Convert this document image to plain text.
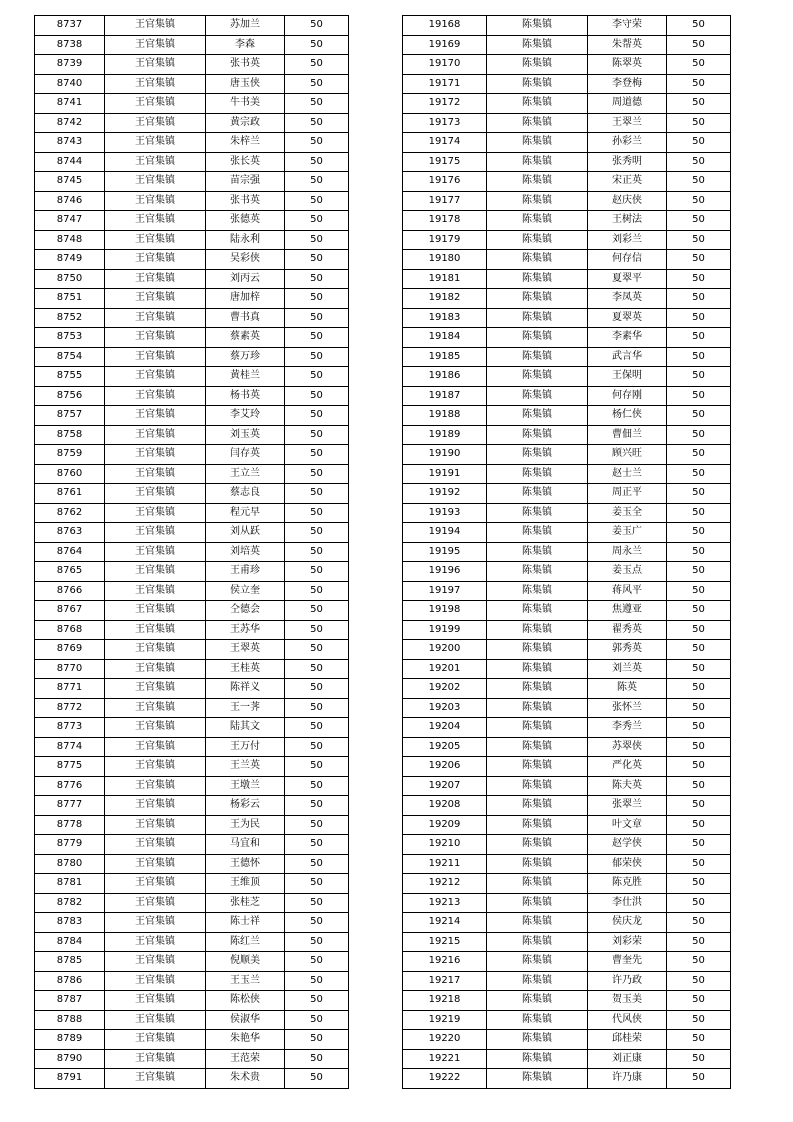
8737	王官集镇	苏加兰	50
8738	王官集镇	李森	50
8739	王官集镇	张书英	50
8740	王官集镇	唐玉侠	50
8741	王官集镇	牛书美	50
8742	王官集镇	黄宗政	50
8743	王官集镇	朱梓兰	50
8744	王官集镇	张长英	50
8745	王官集镇	苗宗强	50
8746	王官集镇	张书英	50
8747	王官集镇	张德英	50
8748	王官集镇	陆永利	50
8749	王官集镇	吴彩侠	50
8750	王官集镇	刘丙云	50
8751	王官集镇	唐加梓	50
8752	王官集镇	曹书真	50
8753	王官集镇	蔡素英	50
8754	王官集镇	蔡万珍	50
8755	王官集镇	黄桂兰	50
8756	王官集镇	杨书英	50
8757	王官集镇	李艾玲	50
8758	王官集镇	刘玉英	50
8759	王官集镇	闫存英	50
8760	王官集镇	王立兰	50
8761	王官集镇	蔡志良	50
8762	王官集镇	程元早	50
8763	王官集镇	刘从跃	50
8764	王官集镇	刘培英	50
8765	王官集镇	王甫珍	50
8766	王官集镇	侯立奎	50
8767	王官集镇	仝德会	50
8768	王官集镇	王苏华	50
8769	王官集镇	王翠英	50
8770	王官集镇	王桂英	50
8771	王官集镇	陈祥义	50
8772	王官集镇	王一荠	50
8773	王官集镇	陆其文	50
8774	王官集镇	王万付	50
8775	王官集镇	王兰英	50
8776	王官集镇	王墩兰	50
8777	王官集镇	杨彩云	50
8778	王官集镇	王为民	50
8779	王官集镇	马宜和	50
8780	王官集镇	王德怀	50
8781	王官集镇	王维顶	50
8782	王官集镇	张桂芝	50
8783	王官集镇	陈士祥	50
8784	王官集镇	陈红兰	50
8785	王官集镇	倪顺美	50
8786	王官集镇	王玉兰	50
8787	王官集镇	陈松侠	50
8788	王官集镇	侯淑华	50
8789	王官集镇	朱艳华	50
8790	王官集镇	王范荣	50
8791	王官集镇	朱术贵	50
19168	陈集镇	李守荣	50
19169	陈集镇	朱帮英	50
19170	陈集镇	陈翠英	50
19171	陈集镇	李登梅	50
19172	陈集镇	周道德	50
19173	陈集镇	王翠兰	50
19174	陈集镇	孙彩兰	50
19175	陈集镇	张秀明	50
19176	陈集镇	宋正英	50
19177	陈集镇	赵庆侠	50
19178	陈集镇	王树法	50
19179	陈集镇	刘彩兰	50
19180	陈集镇	何存信	50
19181	陈集镇	夏翠平	50
19182	陈集镇	李凤英	50
19183	陈集镇	夏翠英	50
19184	陈集镇	李素华	50
19185	陈集镇	武言华	50
19186	陈集镇	王保明	50
19187	陈集镇	何存刚	50
19188	陈集镇	杨仁侠	50
19189	陈集镇	曹佃兰	50
19190	陈集镇	顾兴旺	50
19191	陈集镇	赵士兰	50
19192	陈集镇	周正平	50
19193	陈集镇	姜玉全	50
19194	陈集镇	姜玉广	50
19195	陈集镇	周永兰	50
19196	陈集镇	姜玉点	50
19197	陈集镇	蒋风平	50
19198	陈集镇	焦遵亚	50
19199	陈集镇	翟秀英	50
19200	陈集镇	郭秀英	50
19201	陈集镇	刘兰英	50
19202	陈集镇	陈英	50
19203	陈集镇	张怀兰	50
19204	陈集镇	李秀兰	50
19205	陈集镇	苏翠侠	50
19206	陈集镇	严化英	50
19207	陈集镇	陈夫英	50
19208	陈集镇	张翠兰	50
19209	陈集镇	叶文章	50
19210	陈集镇	赵学侠	50
19211	陈集镇	郁荣侠	50
19212	陈集镇	陈克胜	50
19213	陈集镇	李仕洪	50
19214	陈集镇	侯庆龙	50
19215	陈集镇	刘彩荣	50
19216	陈集镇	曹奎先	50
19217	陈集镇	许乃政	50
19218	陈集镇	贺玉美	50
19219	陈集镇	代风侠	50
19220	陈集镇	邱桂荣	50
19221	陈集镇	刘正康	50
19222	陈集镇	许乃康	50
